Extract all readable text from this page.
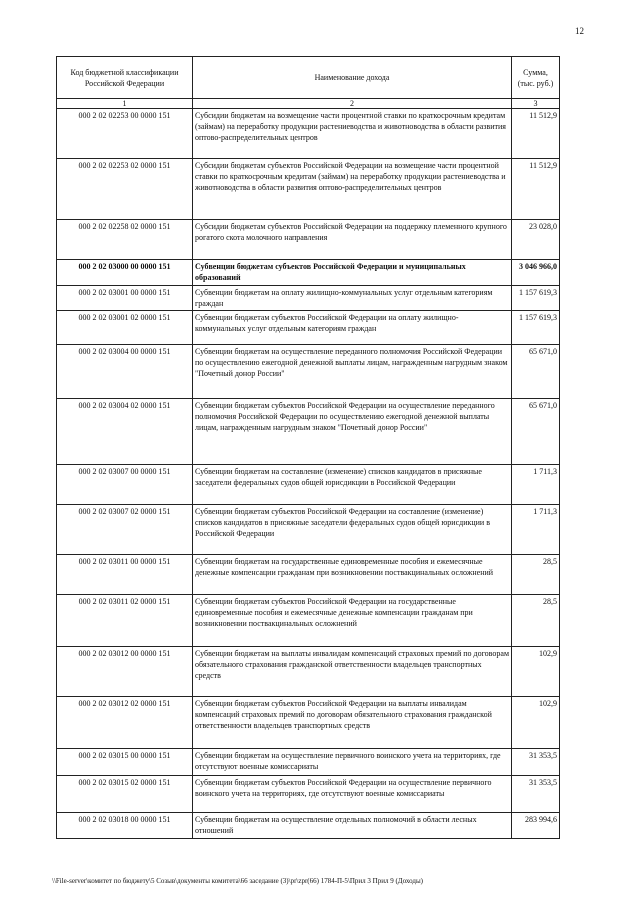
12
Код бюджетной классификации Российской Федерации	Наименование дохода	Сумма, (тыс. руб.)
1	2	3
000 2 02 02253 00 0000 151	Субсидии бюджетам на возмещение части процентной ставки по краткосрочным кредитам (займам) на переработку продукции растениеводства и животноводства в области развития оптово-распределительных центров	11 512,9
000 2 02 02253 02 0000 151	Субсидии бюджетам субъектов Российской Федерации на возмещение части процентной ставки по краткосрочным кредитам (займам) на переработку продукции растениеводства и животноводства в области развития оптово-распределительных центров	11 512,9
000 2 02 02258 02 0000 151	Субсидии бюджетам субъектов Российской Федерации на поддержку племенного крупного рогатого скота молочного направления	23 028,0
000 2 02 03000 00 0000 151	Субвенции бюджетам субъектов Российской Федерации и муниципальных образований	3 046 966,0
000 2 02 03001 00 0000 151	Субвенции бюджетам на оплату жилищно-коммунальных услуг отдельным категориям граждан	1 157 619,3
000 2 02 03001 02 0000 151	Субвенции бюджетам субъектов Российской Федерации на оплату жилищно-коммунальных услуг отдельным категориям граждан	1 157 619,3
000 2 02 03004 00 0000 151	Субвенции бюджетам на осуществление переданного полномочия Российской Федерации по осуществлению ежегодной денежной выплаты лицам, награжденным нагрудным знаком "Почетный донор России"	65 671,0
000 2 02 03004 02 0000 151	Субвенции бюджетам субъектов Российской Федерации на осуществление переданного полномочия Российской Федерации по осуществлению ежегодной денежной выплаты лицам, награжденным нагрудным знаком "Почетный донор России"	65 671,0
000 2 02 03007 00 0000 151	Субвенции бюджетам на составление (изменение) списков кандидатов в присяжные заседатели федеральных судов общей юрисдикции в Российской Федерации	1 711,3
000 2 02 03007 02 0000 151	Субвенции бюджетам субъектов Российской Федерации на составление (изменение) списков кандидатов в присяжные заседатели федеральных судов общей юрисдикции в Российской Федерации	1 711,3
000 2 02 03011 00 0000 151	Субвенции бюджетам на государственные единовременные пособия и ежемесячные денежные компенсации гражданам при возникновении поствакцинальных осложнений	28,5
000 2 02 03011 02 0000 151	Субвенции бюджетам субъектов Российской Федерации на государственные единовременные пособия и ежемесячные денежные компенсации гражданам при возникновении поствакцинальных осложнений	28,5
000 2 02 03012 00 0000 151	Субвенции бюджетам на выплаты инвалидам компенсаций страховых премий по договорам обязательного страхования гражданской ответственности владельцев транспортных средств	102,9
000 2 02 03012 02 0000 151	Субвенции бюджетам субъектов Российской Федерации на выплаты инвалидам компенсаций страховых премий по договорам обязательного страхования гражданской ответственности владельцев транспортных средств	102,9
000 2 02 03015 00 0000 151	Субвенции бюджетам на осуществление первичного воинского учета на территориях, где отсутствуют военные комиссариаты	31 353,5
000 2 02 03015 02 0000 151	Субвенции бюджетам субъектов Российской Федерации на осуществление первичного воинского учета на территориях, где отсутствуют военные комиссариаты	31 353,5
000 2 02 03018 00 0000 151	Субвенции бюджетам на осуществление отдельных полномочий в области лесных отношений	283 994,6
\\File-server\комитет по бюджету\5 Созыв\документы комитета\66 заседание (3)\pr\zpr(66) 1784-П-5\Прил 3 Прил 9 (Доходы)
